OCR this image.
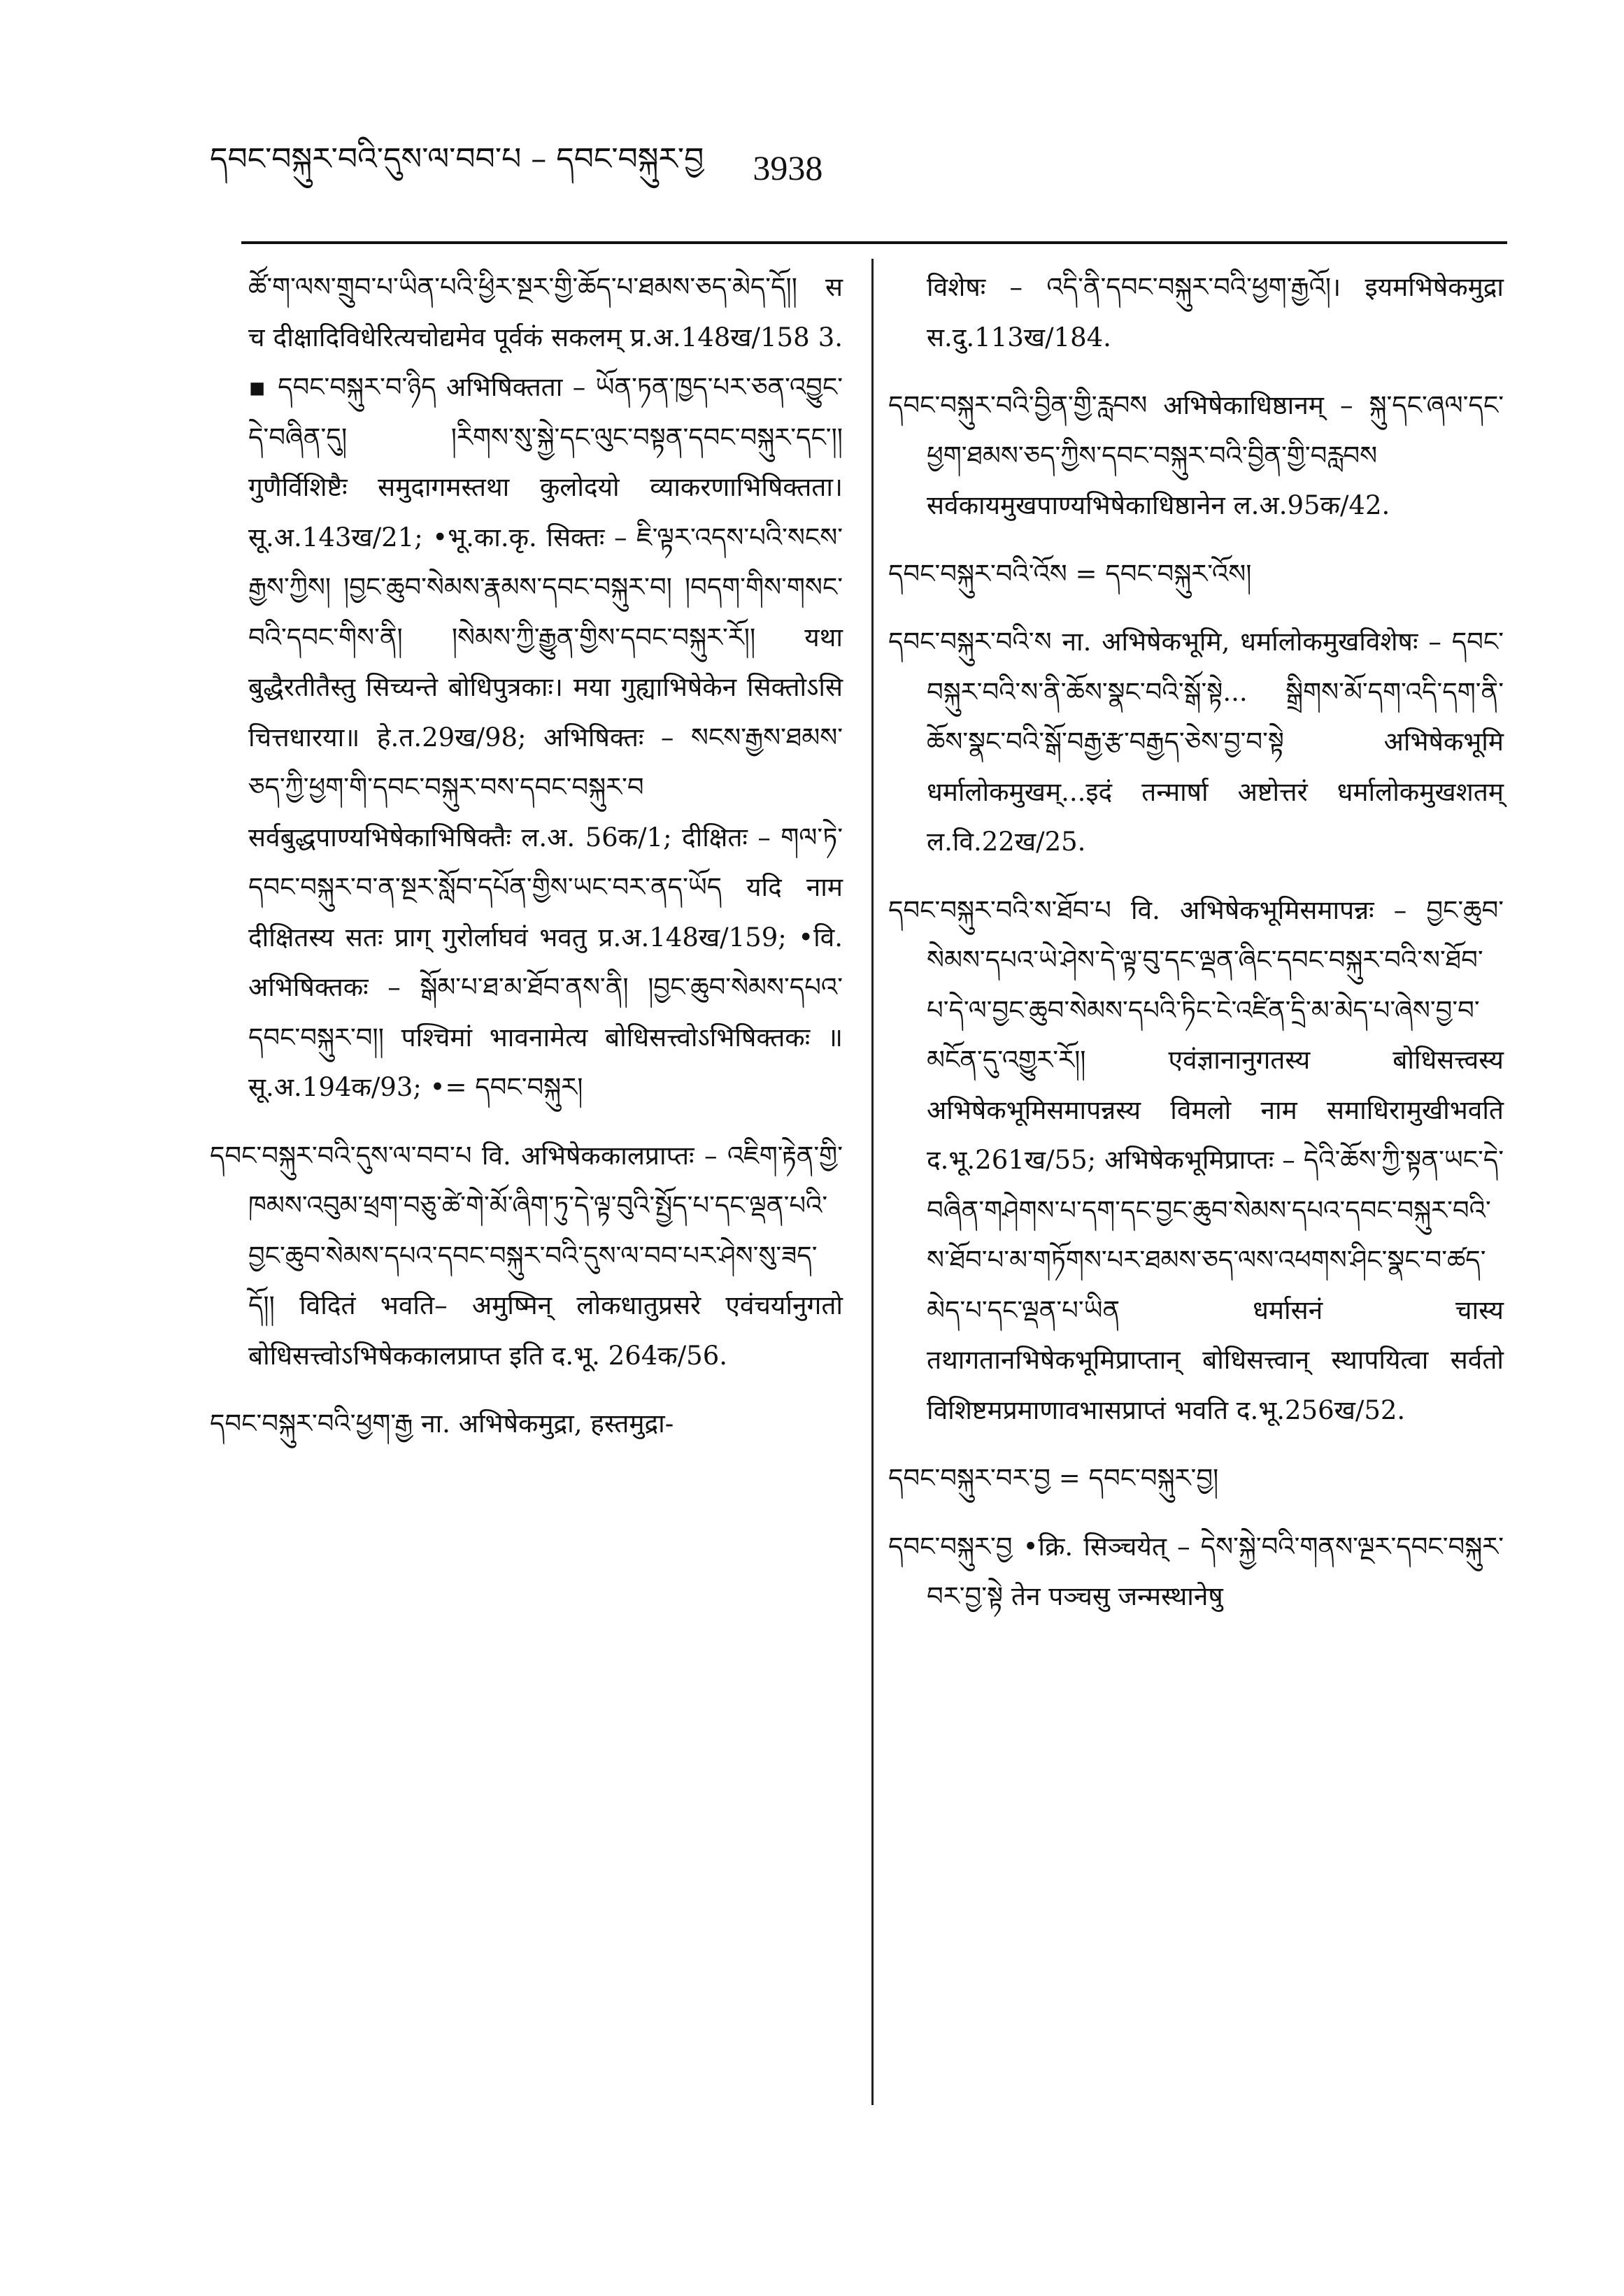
དབང་བསྐུར་བའི་དུས་ལ་བབ་པ – དབང་བསྐུར་བྱ 3938

ཚོ་ག་ལས་གྲུབ་པ་ཡིན་པའི་ཕྱིར་སྔར་གྱི་ཆོད་པ་ཐམས་ཅད་མེད་དོ།། स च दीक्षादिविधेरित्यचोद्यमेव पूर्वकं सकलम् प्र.अ.148ख/158 3. ▪ དབང་བསྐུར་བ་ཉིད अभिषिक्तता – ཡོན་ཏན་ཁྱད་པར་ཅན་འབྱུང་དེ་བཞིན་དུ། །རིགས་སུ་སྐྱེ་དང་ལུང་བསྟན་དབང་བསྐུར་དང་།། गुणैर्विशिष्टैः समुदागमस्तथा कुलोदयो व्याकरणाभिषिक्तता। सू.अ.143ख/21; •भू.का.कृ. सिक्तः – ཇི་ལྟར་འདས་པའི་སངས་རྒྱས་ཀྱིས། །བྱང་ཆུབ་སེམས་རྣམས་དབང་བསྐུར་བ། །བདག་གིས་གསང་བའི་དབང་གིས་ནི། །སེམས་ཀྱི་རྒྱུན་གྱིས་དབང་བསྐུར་རོ།། यथा बुद्धैरतीतैस्तु सिच्यन्ते बोधिपुत्रकाः। मया गुह्याभिषेकेन सिक्तोऽसि चित्तधारया॥ हे.त.29ख/98; अभिषिक्तः – སངས་རྒྱས་ཐམས་ཅད་ཀྱི་ཕྱག་གི་དབང་བསྐུར་བས་དབང་བསྐུར་བ सर्वबुद्धपाण्यभिषेकाभिषिक्तैः ल.अ. 56क/1; दीक्षितः – གལ་ཏེ་དབང་བསྐུར་བ་ན་སྔར་སློབ་དཔོན་གྱིས་ཡང་བར་ནད་ཡོད यदि नाम दीक्षितस्य सतः प्राग् गुरोर्लाघवं भवतु प्र.अ.148ख/159; •वि. अभिषिक्तकः – སྒོམ་པ་ཐ་མ་ཐོབ་ནས་ནི། །བྱང་ཆུབ་སེམས་དཔའ་དབང་བསྐུར་བ།། पश्चिमां भावनामेत्य बोधिसत्त्वोऽभिषिक्तकः ॥ सू.अ.194क/93; •= དབང་བསྐུར།

དབང་བསྐུར་བའི་དུས་ལ་བབ་པ वि. अभिषेककालप्राप्तः – འཇིག་རྟེན་གྱི་ཁམས་འབུམ་ཕྲག་བཅུ་ཚེ་གེ་མོ་ཞིག་ཏུ་དེ་ལྟ་བུའི་སྤྱོད་པ་དང་ལྡན་པའི་བྱང་ཆུབ་སེམས་དཔའ་དབང་བསྐུར་བའི་དུས་ལ་བབ་པར་ཤེས་སུ་ཟད་དོ།། विदितं भवति– अमुष्मिन् लोकधातुप्रसरे एवंचर्यानुगतो बोधिसत्त्वोऽभिषेककालप्राप्त इति द.भू. 264क/56.

དབང་བསྐུར་བའི་ཕྱག་རྒྱ ना. अभिषेकमुद्रा, हस्तमुद्रा-

विशेषः – འདི་ནི་དབང་བསྐུར་བའི་ཕྱག་རྒྱའོ།। इयमभिषेकमुद्रा स.दु.113ख/184.

དབང་བསྐུར་བའི་བྱིན་གྱི་རླབས अभिषेकाधिष्ठानम् – སྐུ་དང་ཞལ་དང་ཕྱག་ཐམས་ཅད་ཀྱིས་དབང་བསྐུར་བའི་བྱིན་གྱི་བརླབས सर्वकायमुखपाण्यभिषेकाधिष्ठानेन ल.अ.95क/42.

དབང་བསྐུར་བའི་འོས = དབང་བསྐུར་འོས།

དབང་བསྐུར་བའི་ས ना. अभिषेकभूमि, धर्मालोकमुखविशेषः – དབང་བསྐུར་བའི་ས་ནི་ཆོས་སྣང་བའི་སྒོ་སྟེ... སྒྲིགས་མོ་དག་འདི་དག་ནི་ཆོས་སྣང་བའི་སྒོ་བརྒྱ་རྩ་བརྒྱད་ཅེས་བྱ་བ་སྟེ अभिषेकभूमि धर्मालोकमुखम्...इदं तन्मार्षा अष्टोत्तरं धर्मालोकमुखशतम् ल.वि.22ख/25.

དབང་བསྐུར་བའི་ས་ཐོབ་པ वि. अभिषेकभूमिसमापन्नः – བྱང་ཆུབ་སེམས་དཔའ་ཡེ་ཤེས་དེ་ལྟ་བུ་དང་ལྡན་ཞིང་དབང་བསྐུར་བའི་ས་ཐོབ་པ་དེ་ལ་བྱང་ཆུབ་སེམས་དཔའི་ཏིང་ངེ་འཛིན་དྲི་མ་མེད་པ་ཞེས་བྱ་བ་མངོན་དུ་འགྱུར་རོ།། एवंज्ञानानुगतस्य बोधिसत्त्वस्य अभिषेकभूमिसमापन्नस्य विमलो नाम समाधिरामुखीभवति द.भू.261ख/55; अभिषेकभूमिप्राप्तः – དེའི་ཆོས་ཀྱི་སྟན་ཡང་དེ་བཞིན་གཤེགས་པ་དག་དང་བྱང་ཆུབ་སེམས་དཔའ་དབང་བསྐུར་བའི་ས་ཐོབ་པ་མ་གཏོགས་པར་ཐམས་ཅད་ལས་འཕགས་ཤིང་སྣང་བ་ཚད་མེད་པ་དང་ལྡན་པ་ཡིན धर्मासनं चास्य तथागतानभिषेकभूमिप्राप्तान् बोधिसत्त्वान् स्थापयित्वा सर्वतो विशिष्टमप्रमाणावभासप्राप्तं भवति द.भू.256ख/52.

དབང་བསྐུར་བར་བྱ = དབང་བསྐུར་བྱ།

དབང་བསྐུར་བྱ •क्रि. सिञ्चयेत् – དེས་སྐྱེ་བའི་གནས་ལྔར་དབང་བསྐུར་བར་བྱ་སྟེ तेन पञ्चसु जन्मस्थानेषु
